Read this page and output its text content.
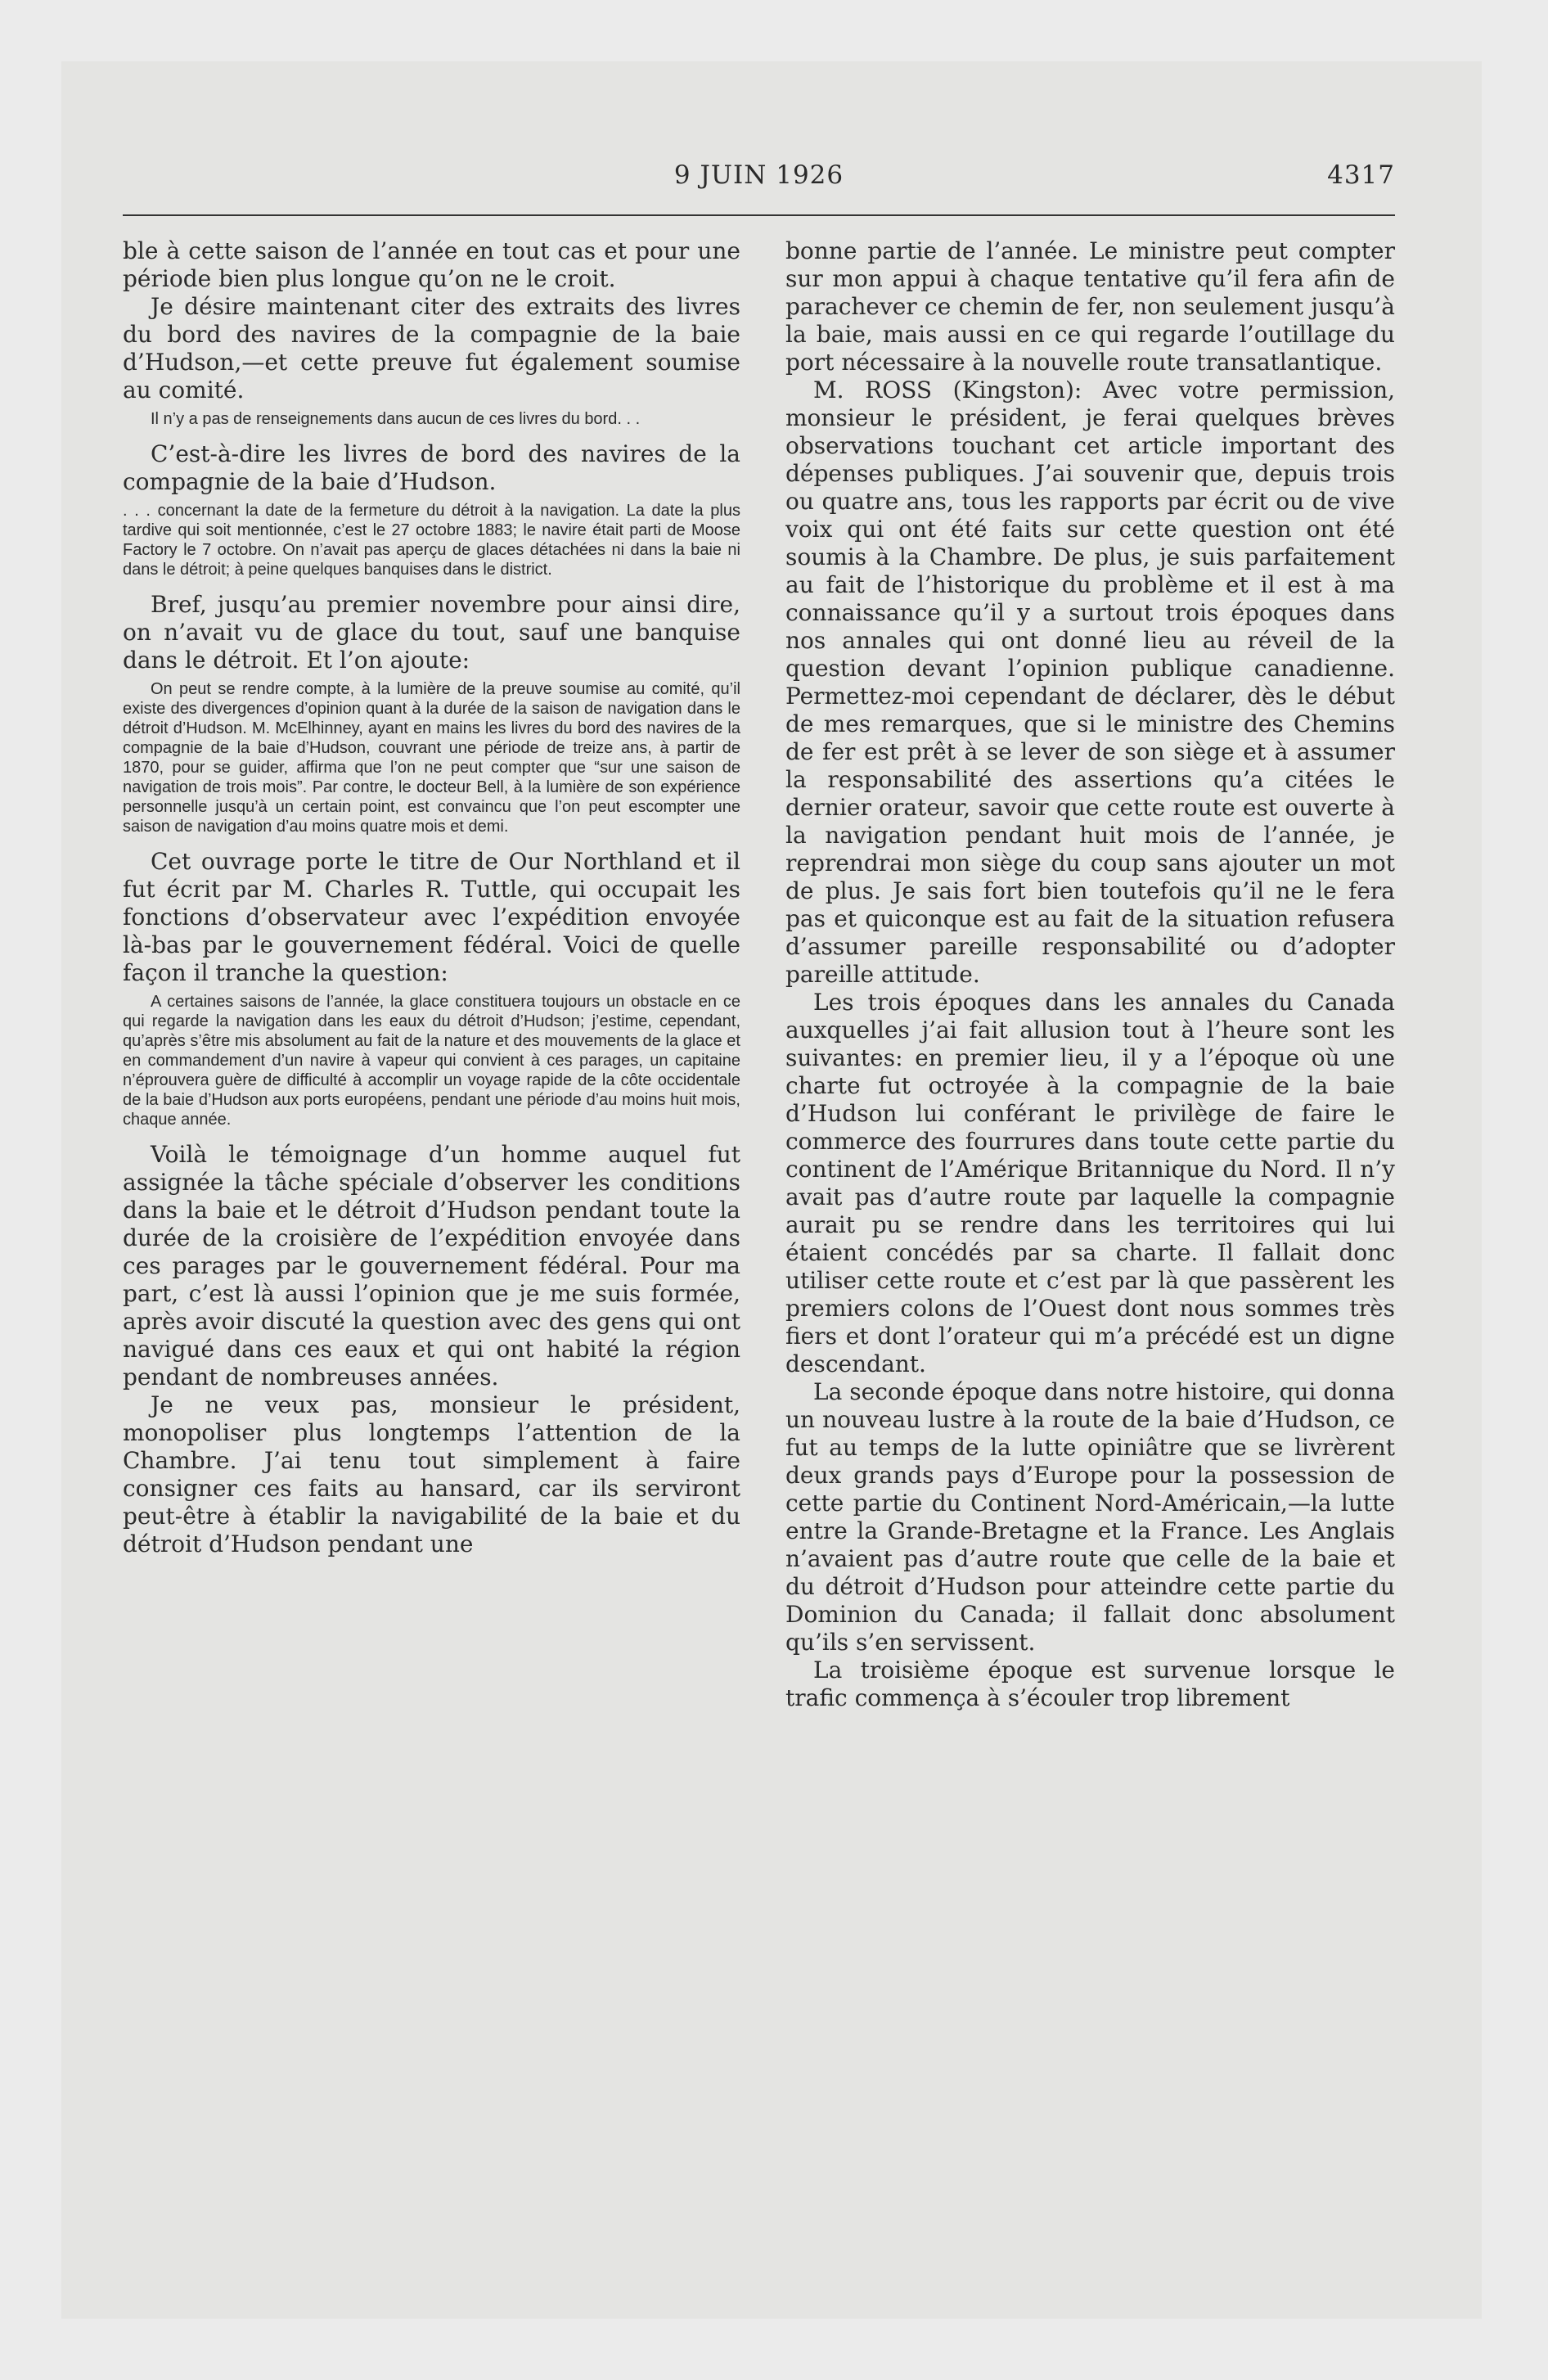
9 JUIN 1926	4317

ble à cette saison de l’année en tout cas et pour une période bien plus longue qu’on ne le croit.

Je désire maintenant citer des extraits des livres du bord des navires de la compagnie de la baie d’Hudson,—et cette preuve fut également soumise au comité.

Il n’y a pas de renseignements dans aucun de ces livres du bord. . .

C’est-à-dire les livres de bord des navires de la compagnie de la baie d’Hudson.

. . . concernant la date de la fermeture du détroit à la navigation. La date la plus tardive qui soit mentionnée, c’est le 27 octobre 1883; le navire était parti de Moose Factory le 7 octobre. On n’avait pas aperçu de glaces détachées ni dans la baie ni dans le détroit; à peine quelques banquises dans le district.

Bref, jusqu’au premier novembre pour ainsi dire, on n’avait vu de glace du tout, sauf une banquise dans le détroit. Et l’on ajoute:

On peut se rendre compte, à la lumière de la preuve soumise au comité, qu’il existe des divergences d’opinion quant à la durée de la saison de navigation dans le détroit d’Hudson. M. McElhinney, ayant en mains les livres du bord des navires de la compagnie de la baie d’Hudson, couvrant une période de treize ans, à partir de 1870, pour se guider, affirma que l’on ne peut compter que “sur une saison de navigation de trois mois”. Par contre, le docteur Bell, à la lumière de son expérience personnelle jusqu’à un certain point, est convaincu que l’on peut escompter une saison de navigation d’au moins quatre mois et demi.

Cet ouvrage porte le titre de Our Northland et il fut écrit par M. Charles R. Tuttle, qui occupait les fonctions d’observateur avec l’expédition envoyée là-bas par le gouvernement fédéral. Voici de quelle façon il tranche la question:

A certaines saisons de l’année, la glace constituera toujours un obstacle en ce qui regarde la navigation dans les eaux du détroit d’Hudson; j’estime, cependant, qu’après s’être mis absolument au fait de la nature et des mouvements de la glace et en commandement d’un navire à vapeur qui convient à ces parages, un capitaine n’éprouvera guère de difficulté à accomplir un voyage rapide de la côte occidentale de la baie d’Hudson aux ports européens, pendant une période d’au moins huit mois, chaque année.

Voilà le témoignage d’un homme auquel fut assignée la tâche spéciale d’observer les conditions dans la baie et le détroit d’Hudson pendant toute la durée de la croisière de l’expédition envoyée dans ces parages par le gouvernement fédéral. Pour ma part, c’est là aussi l’opinion que je me suis formée, après avoir discuté la question avec des gens qui ont navigué dans ces eaux et qui ont habité la région pendant de nombreuses années.

Je ne veux pas, monsieur le président, monopoliser plus longtemps l’attention de la Chambre. J’ai tenu tout simplement à faire consigner ces faits au hansard, car ils serviront peut-être à établir la navigabilité de la baie et du détroit d’Hudson pendant une

bonne partie de l’année. Le ministre peut compter sur mon appui à chaque tentative qu’il fera afin de parachever ce chemin de fer, non seulement jusqu’à la baie, mais aussi en ce qui regarde l’outillage du port nécessaire à la nouvelle route transatlantique.

M. ROSS (Kingston): Avec votre permission, monsieur le président, je ferai quelques brèves observations touchant cet article important des dépenses publiques. J’ai souvenir que, depuis trois ou quatre ans, tous les rapports par écrit ou de vive voix qui ont été faits sur cette question ont été soumis à la Chambre. De plus, je suis parfaitement au fait de l’historique du problème et il est à ma connaissance qu’il y a surtout trois époques dans nos annales qui ont donné lieu au réveil de la question devant l’opinion publique canadienne. Permettez-moi cependant de déclarer, dès le début de mes remarques, que si le ministre des Chemins de fer est prêt à se lever de son siège et à assumer la responsabilité des assertions qu’a citées le dernier orateur, savoir que cette route est ouverte à la navigation pendant huit mois de l’année, je reprendrai mon siège du coup sans ajouter un mot de plus. Je sais fort bien toutefois qu’il ne le fera pas et quiconque est au fait de la situation refusera d’assumer pareille responsabilité ou d’adopter pareille attitude.

Les trois époques dans les annales du Canada auxquelles j’ai fait allusion tout à l’heure sont les suivantes: en premier lieu, il y a l’époque où une charte fut octroyée à la compagnie de la baie d’Hudson lui conférant le privilège de faire le commerce des fourrures dans toute cette partie du continent de l’Amérique Britannique du Nord. Il n’y avait pas d’autre route par laquelle la compagnie aurait pu se rendre dans les territoires qui lui étaient concédés par sa charte. Il fallait donc utiliser cette route et c’est par là que passèrent les premiers colons de l’Ouest dont nous sommes très fiers et dont l’orateur qui m’a précédé est un digne descendant.

La seconde époque dans notre histoire, qui donna un nouveau lustre à la route de la baie d’Hudson, ce fut au temps de la lutte opiniâtre que se livrèrent deux grands pays d’Europe pour la possession de cette partie du Continent Nord-Américain,—la lutte entre la Grande-Bretagne et la France. Les Anglais n’avaient pas d’autre route que celle de la baie et du détroit d’Hudson pour atteindre cette partie du Dominion du Canada; il fallait donc absolument qu’ils s’en servissent.

La troisième époque est survenue lorsque le trafic commença à s’écouler trop librement
